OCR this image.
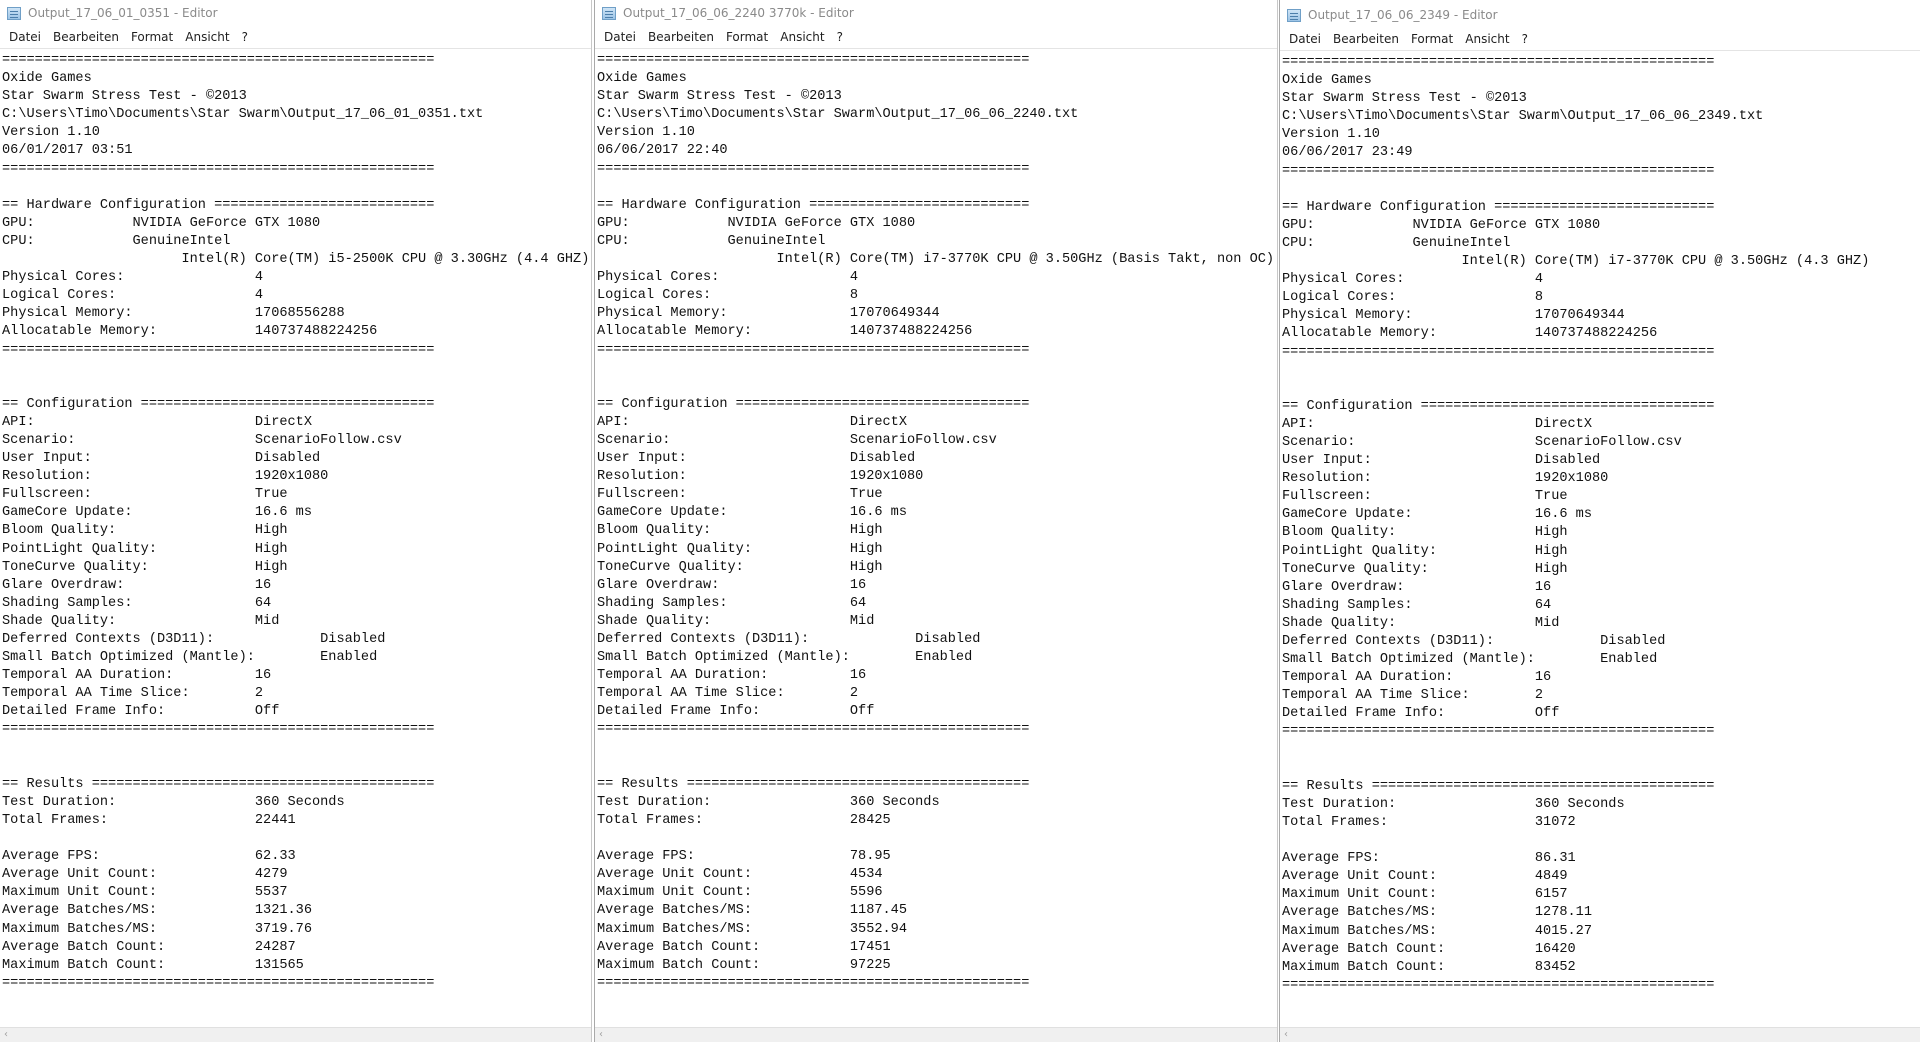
Output_17_06_01_0351 - Editor
Datei	Bearbeiten	Format	Ansicht	?
=====================================================
Oxide Games
Star Swarm Stress Test - ©2013
C:\Users\Timo\Documents\Star Swarm\Output_17_06_01_0351.txt
Version 1.10
06/01/2017 03:51
=====================================================
== Hardware Configuration ===========================
GPU:            NVIDIA GeForce GTX 1080
CPU:            GenuineIntel
Intel(R) Core(TM) i5-2500K CPU @ 3.30GHz (4.4 GHZ)
Physical Cores:                4
Logical Cores:                 4
Physical Memory:               17068556288
Allocatable Memory:            140737488224256
=====================================================
== Configuration ====================================
API:                           DirectX
Scenario:                      ScenarioFollow.csv
User Input:                    Disabled
Resolution:                    1920x1080
Fullscreen:                    True
GameCore Update:               16.6 ms
Bloom Quality:                 High
PointLight Quality:            High
ToneCurve Quality:             High
Glare Overdraw:                16
Shading Samples:               64
Shade Quality:                 Mid
Deferred Contexts (D3D11):             Disabled
Small Batch Optimized (Mantle):        Enabled
Temporal AA Duration:          16
Temporal AA Time Slice:        2
Detailed Frame Info:           Off
=====================================================
== Results ==========================================
Test Duration:                 360 Seconds
Total Frames:                  22441
Average FPS:                   62.33
Average Unit Count:            4279
Maximum Unit Count:            5537
Average Batches/MS:            1321.36
Maximum Batches/MS:            3719.76
Average Batch Count:           24287
Maximum Batch Count:           131565
=====================================================
‹
Output_17_06_06_2240 3770k - Editor
Datei	Bearbeiten	Format	Ansicht	?
=====================================================
Oxide Games
Star Swarm Stress Test - ©2013
C:\Users\Timo\Documents\Star Swarm\Output_17_06_06_2240.txt
Version 1.10
06/06/2017 22:40
=====================================================
== Hardware Configuration ===========================
GPU:            NVIDIA GeForce GTX 1080
CPU:            GenuineIntel
Intel(R) Core(TM) i7-3770K CPU @ 3.50GHz (Basis Takt, non OC)
Physical Cores:                4
Logical Cores:                 8
Physical Memory:               17070649344
Allocatable Memory:            140737488224256
=====================================================
== Configuration ====================================
API:                           DirectX
Scenario:                      ScenarioFollow.csv
User Input:                    Disabled
Resolution:                    1920x1080
Fullscreen:                    True
GameCore Update:               16.6 ms
Bloom Quality:                 High
PointLight Quality:            High
ToneCurve Quality:             High
Glare Overdraw:                16
Shading Samples:               64
Shade Quality:                 Mid
Deferred Contexts (D3D11):             Disabled
Small Batch Optimized (Mantle):        Enabled
Temporal AA Duration:          16
Temporal AA Time Slice:        2
Detailed Frame Info:           Off
=====================================================
== Results ==========================================
Test Duration:                 360 Seconds
Total Frames:                  28425
Average FPS:                   78.95
Average Unit Count:            4534
Maximum Unit Count:            5596
Average Batches/MS:            1187.45
Maximum Batches/MS:            3552.94
Average Batch Count:           17451
Maximum Batch Count:           97225
=====================================================
‹
Output_17_06_06_2349 - Editor
Datei	Bearbeiten	Format	Ansicht	?
=====================================================
Oxide Games
Star Swarm Stress Test - ©2013
C:\Users\Timo\Documents\Star Swarm\Output_17_06_06_2349.txt
Version 1.10
06/06/2017 23:49
=====================================================
== Hardware Configuration ===========================
GPU:            NVIDIA GeForce GTX 1080
CPU:            GenuineIntel
Intel(R) Core(TM) i7-3770K CPU @ 3.50GHz (4.3 GHZ)
Physical Cores:                4
Logical Cores:                 8
Physical Memory:               17070649344
Allocatable Memory:            140737488224256
=====================================================
== Configuration ====================================
API:                           DirectX
Scenario:                      ScenarioFollow.csv
User Input:                    Disabled
Resolution:                    1920x1080
Fullscreen:                    True
GameCore Update:               16.6 ms
Bloom Quality:                 High
PointLight Quality:            High
ToneCurve Quality:             High
Glare Overdraw:                16
Shading Samples:               64
Shade Quality:                 Mid
Deferred Contexts (D3D11):             Disabled
Small Batch Optimized (Mantle):        Enabled
Temporal AA Duration:          16
Temporal AA Time Slice:        2
Detailed Frame Info:           Off
=====================================================
== Results ==========================================
Test Duration:                 360 Seconds
Total Frames:                  31072
Average FPS:                   86.31
Average Unit Count:            4849
Maximum Unit Count:            6157
Average Batches/MS:            1278.11
Maximum Batches/MS:            4015.27
Average Batch Count:           16420
Maximum Batch Count:           83452
=====================================================
‹
